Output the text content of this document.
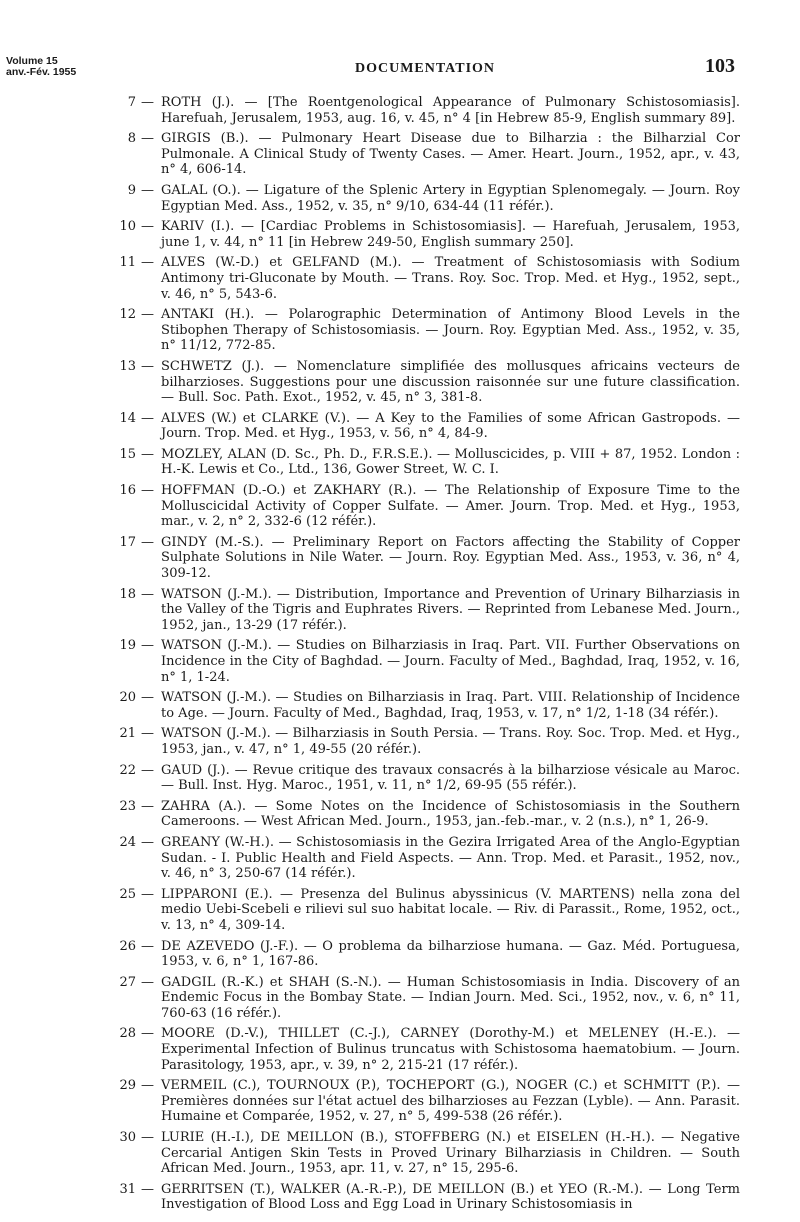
Volume 15
anv.-Fév. 1955	DOCUMENTATION	103
7 — ROTH (J.). — [The Roentgenological Appearance of Pulmonary Schistosomiasis]. Harefuah, Jerusalem, 1953, aug. 16, v. 45, n° 4 [in Hebrew 85-9, English summary 89].
8 — GIRGIS (B.). — Pulmonary Heart Disease due to Bilharzia : the Bilharzial Cor Pulmonale. A Clinical Study of Twenty Cases. — Amer. Heart. Journ., 1952, apr., v. 43, n° 4, 606-14.
9 — GALAL (O.). — Ligature of the Splenic Artery in Egyptian Splenomegaly. — Journ. Roy Egyptian Med. Ass., 1952, v. 35, n° 9/10, 634-44 (11 référ.).
10 — KARIV (I.). — [Cardiac Problems in Schistosomiasis]. — Harefuah, Jerusalem, 1953, june 1, v. 44, n° 11 [in Hebrew 249-50, English summary 250].
11 — ALVES (W.-D.) et GELFAND (M.). — Treatment of Schistosomiasis with Sodium Antimony tri-Gluconate by Mouth. — Trans. Roy. Soc. Trop. Med. et Hyg., 1952, sept., v. 46, n° 5, 543-6.
12 — ANTAKI (H.). — Polarographic Determination of Antimony Blood Levels in the Stibophen Therapy of Schistosomiasis. — Journ. Roy. Egyptian Med. Ass., 1952, v. 35, n° 11/12, 772-85.
13 — SCHWETZ (J.). — Nomenclature simplifiée des mollusques africains vecteurs de bilharzioses. Suggestions pour une discussion raisonnée sur une future classification. — Bull. Soc. Path. Exot., 1952, v. 45, n° 3, 381-8.
14 — ALVES (W.) et CLARKE (V.). — A Key to the Families of some African Gastropods. — Journ. Trop. Med. et Hyg., 1953, v. 56, n° 4, 84-9.
15 — MOZLEY, ALAN (D. Sc., Ph. D., F.R.S.E.). — Molluscicides, p. VIII + 87, 1952. London : H.-K. Lewis et Co., Ltd., 136, Gower Street, W. C. I.
16 — HOFFMAN (D.-O.) et ZAKHARY (R.). — The Relationship of Exposure Time to the Molluscicidal Activity of Copper Sulfate. — Amer. Journ. Trop. Med. et Hyg., 1953, mar., v. 2, n° 2, 332-6 (12 référ.).
17 — GINDY (M.-S.). — Preliminary Report on Factors affecting the Stability of Copper Sulphate Solutions in Nile Water. — Journ. Roy. Egyptian Med. Ass., 1953, v. 36, n° 4, 309-12.
18 — WATSON (J.-M.). — Distribution, Importance and Prevention of Urinary Bilharziasis in the Valley of the Tigris and Euphrates Rivers. — Reprinted from Lebanese Med. Journ., 1952, jan., 13-29 (17 référ.).
19 — WATSON (J.-M.). — Studies on Bilharziasis in Iraq. Part. VII. Further Observations on Incidence in the City of Baghdad. — Journ. Faculty of Med., Baghdad, Iraq, 1952, v. 16, n° 1, 1-24.
20 — WATSON (J.-M.). — Studies on Bilharziasis in Iraq. Part. VIII. Relationship of Incidence to Age. — Journ. Faculty of Med., Baghdad, Iraq, 1953, v. 17, n° 1/2, 1-18 (34 référ.).
21 — WATSON (J.-M.). — Bilharziasis in South Persia. — Trans. Roy. Soc. Trop. Med. et Hyg., 1953, jan., v. 47, n° 1, 49-55 (20 référ.).
22 — GAUD (J.). — Revue critique des travaux consacrés à la bilharziose vésicale au Maroc. — Bull. Inst. Hyg. Maroc., 1951, v. 11, n° 1/2, 69-95 (55 référ.).
23 — ZAHRA (A.). — Some Notes on the Incidence of Schistosomiasis in the Southern Cameroons. — West African Med. Journ., 1953, jan.-feb.-mar., v. 2 (n.s.), n° 1, 26-9.
24 — GREANY (W.-H.). — Schistosomiasis in the Gezira Irrigated Area of the Anglo-Egyptian Sudan. - I. Public Health and Field Aspects. — Ann. Trop. Med. et Parasit., 1952, nov., v. 46, n° 3, 250-67 (14 référ.).
25 — LIPPARONI (E.). — Presenza del Bulinus abyssinicus (V. MARTENS) nella zona del medio Uebi-Scebeli e rilievi sul suo habitat locale. — Riv. di Parassit., Rome, 1952, oct., v. 13, n° 4, 309-14.
26 — DE AZEVEDO (J.-F.). — O problema da bilharziose humana. — Gaz. Méd. Portuguesa, 1953, v. 6, n° 1, 167-86.
27 — GADGIL (R.-K.) et SHAH (S.-N.). — Human Schistosomiasis in India. Discovery of an Endemic Focus in the Bombay State. — Indian Journ. Med. Sci., 1952, nov., v. 6, n° 11, 760-63 (16 référ.).
28 — MOORE (D.-V.), THILLET (C.-J.), CARNEY (Dorothy-M.) et MELENEY (H.-E.). — Experimental Infection of Bulinus truncatus with Schistosoma haematobium. — Journ. Parasitology, 1953, apr., v. 39, n° 2, 215-21 (17 référ.).
29 — VERMEIL (C.), TOURNOUX (P.), TOCHEPORT (G.), NOGER (C.) et SCHMITT (P.). — Premières données sur l'état actuel des bilharzioses au Fezzan (Lyble). — Ann. Parasit. Humaine et Comparée, 1952, v. 27, n° 5, 499-538 (26 référ.).
30 — LURIE (H.-I.), DE MEILLON (B.), STOFFBERG (N.) et EISELEN (H.-H.). — Negative Cercarial Antigen Skin Tests in Proved Urinary Bilharziasis in Children. — South African Med. Journ., 1953, apr. 11, v. 27, n° 15, 295-6.
31 — GERRITSEN (T.), WALKER (A.-R.-P.), DE MEILLON (B.) et YEO (R.-M.). — Long Term Investigation of Blood Loss and Egg Load in Urinary Schistosomiasis in
